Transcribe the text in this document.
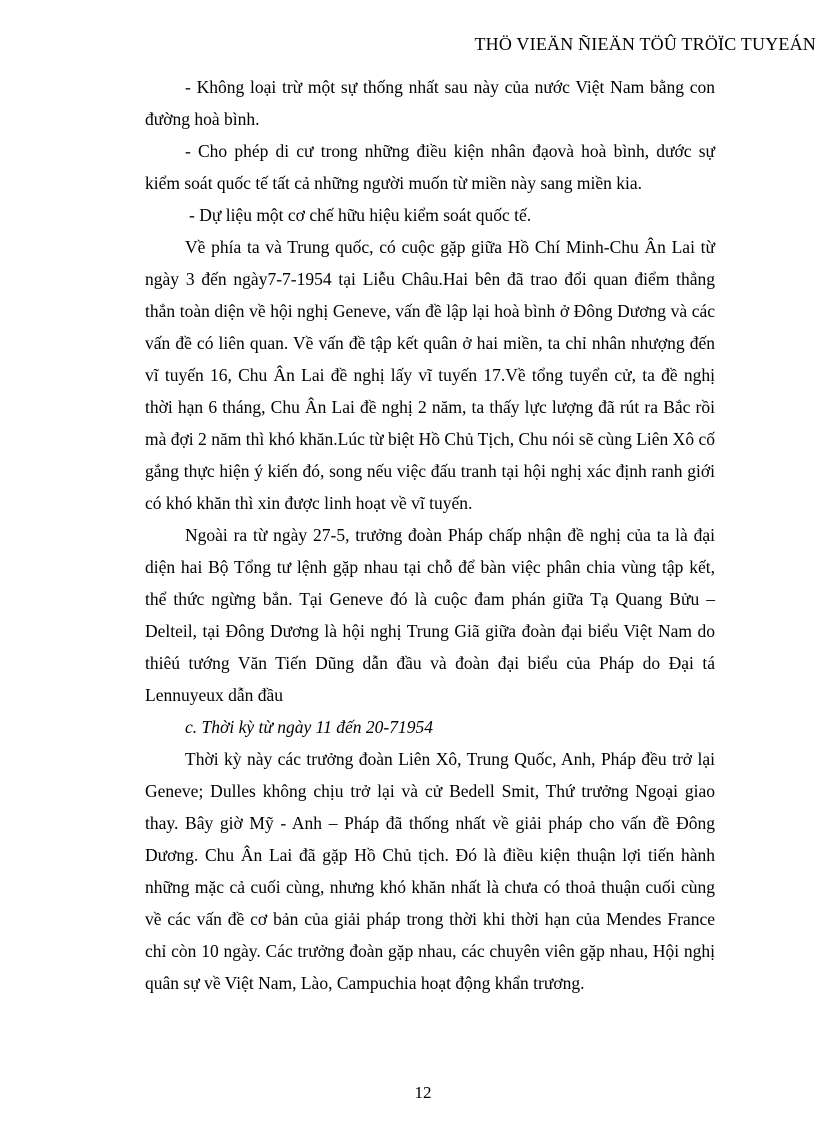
THÖ VIEÄN ÑIEÄN TÖÛ TRÖÏC TUYEÁN

- Không loại trừ một sự thống nhất sau này của nước Việt Nam bằng con đường hoà bình.

- Cho phép di cư trong những điều kiện nhân đạovà hoà bình, dước sự kiểm soát quốc tế tất cả những người muốn từ miền này sang miền kia.

- Dự liệu một cơ chế hữu hiệu kiểm soát quốc tế.

Về phía ta và Trung quốc, có cuộc gặp giữa Hồ Chí Minh-Chu Ân Lai từ ngày 3 đến ngày7-7-1954 tại Liễu Châu.Hai bên đã trao đổi quan điểm thẳng thắn toàn diện về hội nghị Geneve, vấn đề lập lại hoà bình ở Đông Dương và các vấn đề có liên quan. Về vấn đề tập kết quân ở hai miền, ta chỉ nhân nhượng đến vĩ tuyến 16, Chu Ân Lai đề nghị lấy vĩ tuyến 17.Về tổng tuyển cử, ta đề nghị thời hạn 6 tháng, Chu Ân Lai đề nghị 2 năm, ta thấy lực lượng đã rút ra Bắc rồi mà đợi 2 năm thì khó khăn.Lúc từ biệt Hồ Chủ Tịch, Chu nói sẽ cùng Liên Xô cố gắng thực hiện ý kiến đó, song nếu việc đấu tranh tại hội nghị xác định ranh giới có khó khăn thì xin được linh hoạt về vĩ tuyến.

Ngoài ra từ ngày 27-5, trưởng đoàn Pháp chấp nhận đề nghị của ta là đại diện hai Bộ Tổng tư lệnh gặp nhau tại chỗ để bàn việc phân chia vùng tập kết, thể thức ngừng bắn. Tại Geneve đó là cuộc đam phán giữa Tạ Quang Bửu – Delteil, tại Đông Dương là hội nghị Trung Giã giữa đoàn đại biểu Việt Nam do thiêú tướng Văn Tiến Dũng dẫn đầu và đoàn đại biểu của Pháp do Đại tá Lennuyeux dẫn đầu

c. Thời kỳ từ ngày 11 đến 20-71954

Thời kỳ này các trưởng đoàn Liên Xô, Trung Quốc, Anh, Pháp đều trở lại Geneve; Dulles không chịu trở lại và cử Bedell Smit, Thứ trưởng Ngoại giao thay. Bây giờ Mỹ - Anh – Pháp đã thống nhất về giải pháp cho vấn đề Đông Dương. Chu Ân Lai đã gặp Hồ Chủ tịch. Đó là điều kiện thuận lợi tiến hành những mặc cả cuối cùng, nhưng khó khăn nhất là chưa có thoả thuận cuối cùng về các vấn đề cơ bản của giải pháp trong thời khi thời hạn của Mendes France chỉ còn 10 ngày. Các trưởng đoàn gặp nhau, các chuyên viên gặp nhau, Hội nghị quân sự về Việt Nam, Lào, Campuchia hoạt động khẩn trương.

12
